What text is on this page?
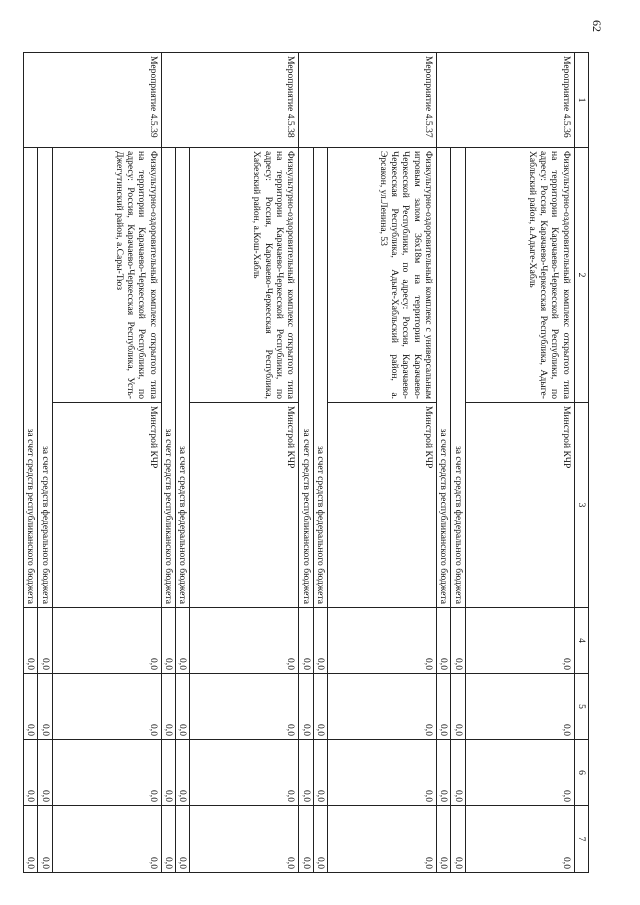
62
1	2	3	4	5	6	7
Мероприятие 4.5.36	Физкультурно-оздоровительный комплекс открытого типа на территории Карачаево-Черкесской Республики, по адресу: Россия, Карачаево-Черкесская Республика, Адыге-Хабльский район, а.Адыге-Хабль	Минстрой КЧР	0,0	0,0	0,0	0,0
	за счет средств федерального бюджета		0,0	0,0	0,0	0,0
	за счет средств республиканского бюджета		0,0	0,0	0,0	0,0
Мероприятие 4.5.37	Физкультурно-оздоровительный комплекс с универсальным игровым залом 36х18м на территории Карачаево-Черкесской Республики, по адресу: Россия, Карачаево-Черкесская Республика, Адыге-Хабльский район, а. Эрсакон, ул.Ленина, 53	Минстрой КЧР	0,0	0,0	0,0	0,0
	за счет средств федерального бюджета		0,0	0,0	0,0	0,0
	за счет средств республиканского бюджета		0,0	0,0	0,0	0,0
Мероприятие 4.5.38	Физкультурно-оздоровительный комплекс открытого типа на территории Карачаево-Черкесской Республики, по адресу: Россия, Карачаево-Черкесская Республика, Хабезский район, а.Кош-Хабль	Минстрой КЧР	0,0	0,0	0,0	0,0
	за счет средств федерального бюджета		0,0	0,0	0,0	0,0
	за счет средств республиканского бюджета		0,0	0,0	0,0	0,0
Мероприятие 4.5.39	Физкультурно-оздоровительный комплекс открытого типа на территории Карачаево-Черкесской Республики, по адресу: Россия, Карачаево-Черкесская Республика, Усть-Джегутинский район, а.Сары-Тюз	Минстрой КЧР	0,0	0,0	0,0	0,0
	за счет средств федерального бюджета		0,0	0,0	0,0	0,0
	за счет средств республиканского бюджета		0,0	0,0	0,0	0,0
